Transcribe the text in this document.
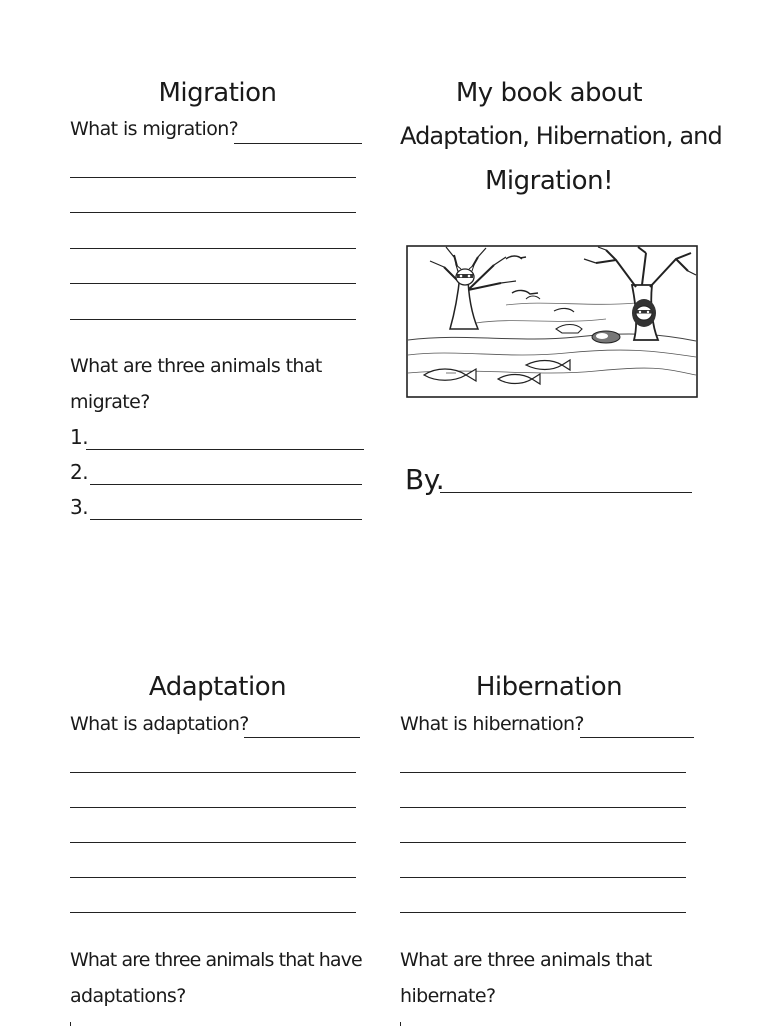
Migration
What is migration?
What are three animals that
migrate?
1.
2.
3.
My book about
Adaptation, Hibernation, and
Migration!
By.
Adaptation
What is adaptation?
What are three animals that have
adaptations?
Hibernation
What is hibernation?
What are three animals that
hibernate?
